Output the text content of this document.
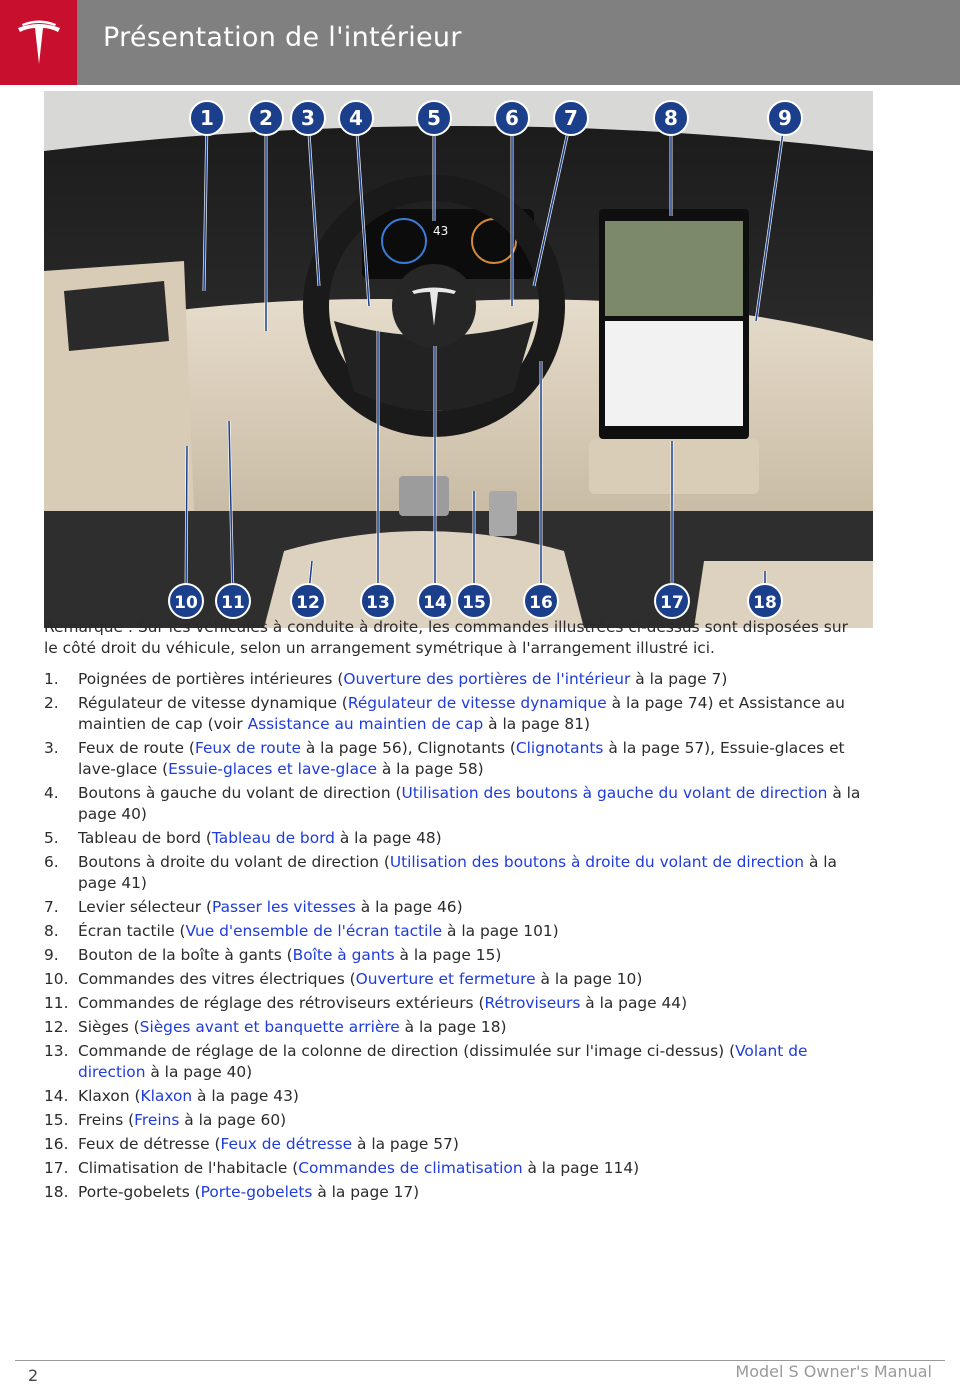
Présentation de l'intérieur
43
1 2 3 4	5	6 7	8	9
10 11	12	13 14 15	16	17	18

Remarque : Sur les véhicules à conduite à droite, les commandes illustrées ci-dessus sont disposées sur le côté droit du véhicule, selon un arrangement symétrique à l'arrangement illustré ici.

1. Poignées de portières intérieures (Ouverture des portières de l'intérieur à la page 7)
2. Régulateur de vitesse dynamique (Régulateur de vitesse dynamique à la page 74) et Assistance au maintien de cap (voir Assistance au maintien de cap à la page 81)
3. Feux de route (Feux de route à la page 56), Clignotants (Clignotants à la page 57), Essuie-glaces et lave-glace (Essuie-glaces et lave-glace à la page 58)
4. Boutons à gauche du volant de direction (Utilisation des boutons à gauche du volant de direction à la page 40)
5. Tableau de bord (Tableau de bord à la page 48)
6. Boutons à droite du volant de direction (Utilisation des boutons à droite du volant de direction à la page 41)
7. Levier sélecteur (Passer les vitesses à la page 46)
8. Écran tactile (Vue d'ensemble de l'écran tactile à la page 101)
9. Bouton de la boîte à gants (Boîte à gants à la page 15)
10. Commandes des vitres électriques (Ouverture et fermeture à la page 10)
11. Commandes de réglage des rétroviseurs extérieurs (Rétroviseurs à la page 44)
12. Sièges (Sièges avant et banquette arrière à la page 18)
13. Commande de réglage de la colonne de direction (dissimulée sur l'image ci-dessus) (Volant de direction à la page 40)
14. Klaxon (Klaxon à la page 43)
15. Freins (Freins à la page 60)
16. Feux de détresse (Feux de détresse à la page 57)
17. Climatisation de l'habitacle (Commandes de climatisation à la page 114)
18. Porte-gobelets (Porte-gobelets à la page 17)
2	Model S Owner's Manual
